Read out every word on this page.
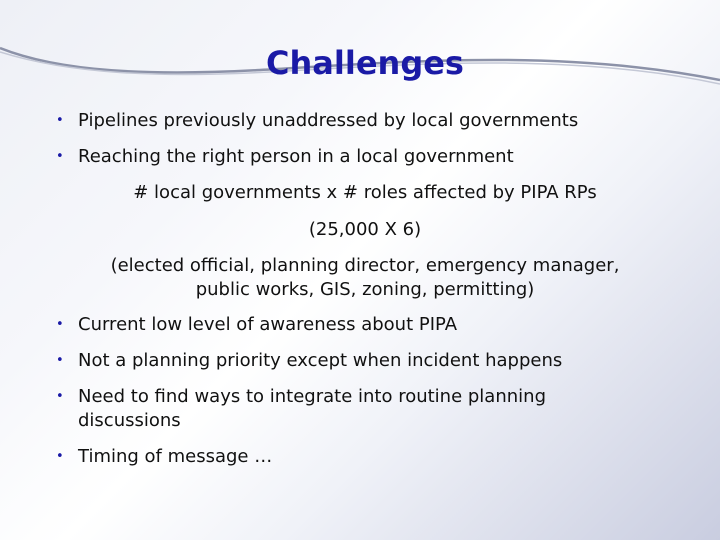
Challenges
• Pipelines previously unaddressed by local governments
• Reaching the right person in a local government
# local governments x # roles affected by PIPA RPs
(25,000 X 6)
(elected official, planning director, emergency manager,
public works, GIS, zoning, permitting)
• Current low level of awareness about PIPA
• Not a planning priority except when incident happens
• Need to find ways to integrate into routine planning
discussions
• Timing of message …
